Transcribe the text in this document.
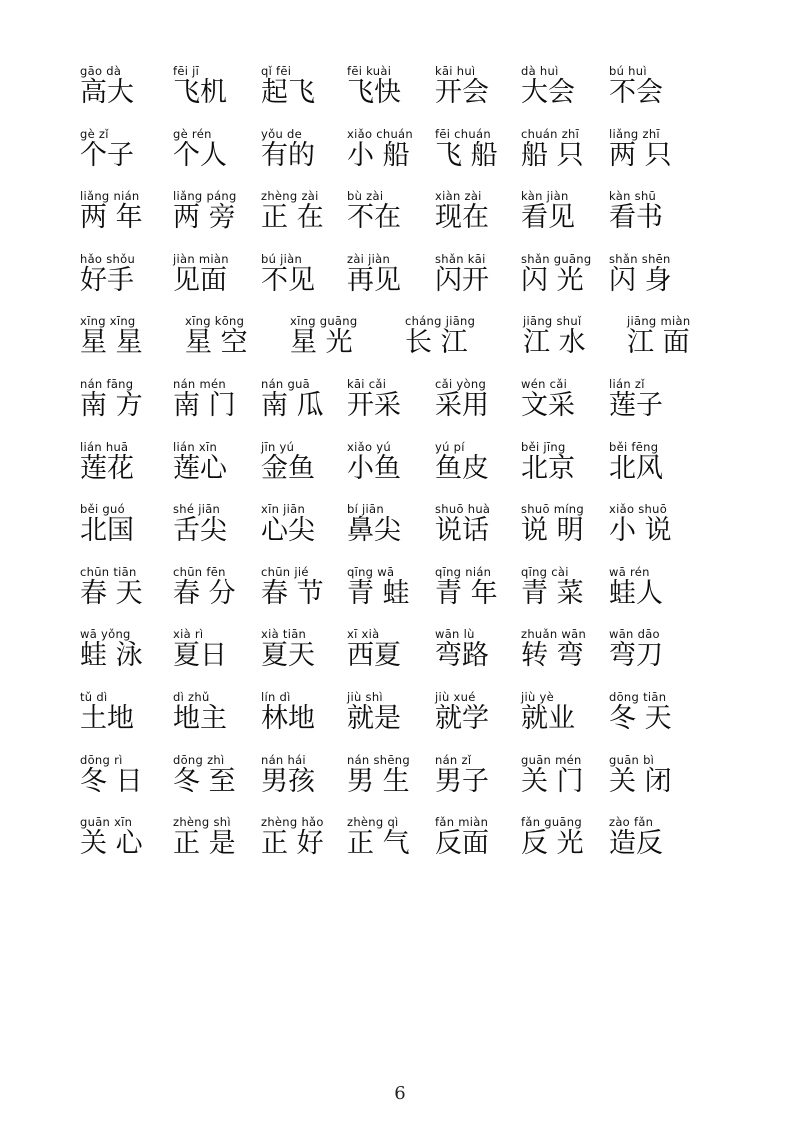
gāo dà
高大
fēi jī
飞机
qǐ fēi
起飞
fēi kuài
飞快
kāi huì
开会
dà huì
大会
bú huì
不会
gè zǐ
个子
gè rén
个人
yǒu de
有的
xiǎo chuán
小 船
fēi chuán
飞 船
chuán zhī
船 只
liǎng zhī
两 只
liǎng nián
两 年
liǎng páng
两 旁
zhèng zài
正 在
bù zài
不在
xiàn zài
现在
kàn jiàn
看见
kàn shū
看书
hǎo shǒu
好手
jiàn miàn
见面
bú jiàn
不见
zài jiàn
再见
shǎn kāi
闪开
shǎn guāng
闪 光
shǎn shēn
闪 身
xīng xīng
星 星
xīng kōng
星 空
xīng guāng
星 光
cháng jiāng
长 江
jiāng shuǐ
江 水
jiāng miàn
江 面
nán fāng
南 方
nán mén
南 门
nán guā
南 瓜
kāi cǎi
开采
cǎi yòng
采用
wén cǎi
文采
lián zǐ
莲子
lián huā
莲花
lián xīn
莲心
jīn yú
金鱼
xiǎo yú
小鱼
yú pí
鱼皮
běi jīng
北京
běi fēng
北风
běi guó
北国
shé jiān
舌尖
xīn jiān
心尖
bí jiān
鼻尖
shuō huà
说话
shuō míng
说 明
xiǎo shuō
小 说
chūn tiān
春 天
chūn fēn
春 分
chūn jié
春 节
qīng wā
青 蛙
qīng nián
青 年
qīng cài
青 菜
wā rén
蛙人
wā yǒng
蛙 泳
xià rì
夏日
xià tiān
夏天
xī xià
西夏
wān lù
弯路
zhuǎn wān
转 弯
wān dāo
弯刀
tǔ dì
土地
dì zhǔ
地主
lín dì
林地
jiù shì
就是
jiù xué
就学
jiù yè
就业
dōng tiān
冬 天
dōng rì
冬 日
dōng zhì
冬 至
nán hái
男孩
nán shēng
男 生
nán zǐ
男子
guān mén
关 门
guān bì
关 闭
guān xīn
关 心
zhèng shì
正 是
zhèng hǎo
正 好
zhèng qì
正 气
fǎn miàn
反面
fǎn guāng
反 光
zào fǎn
造反
6
